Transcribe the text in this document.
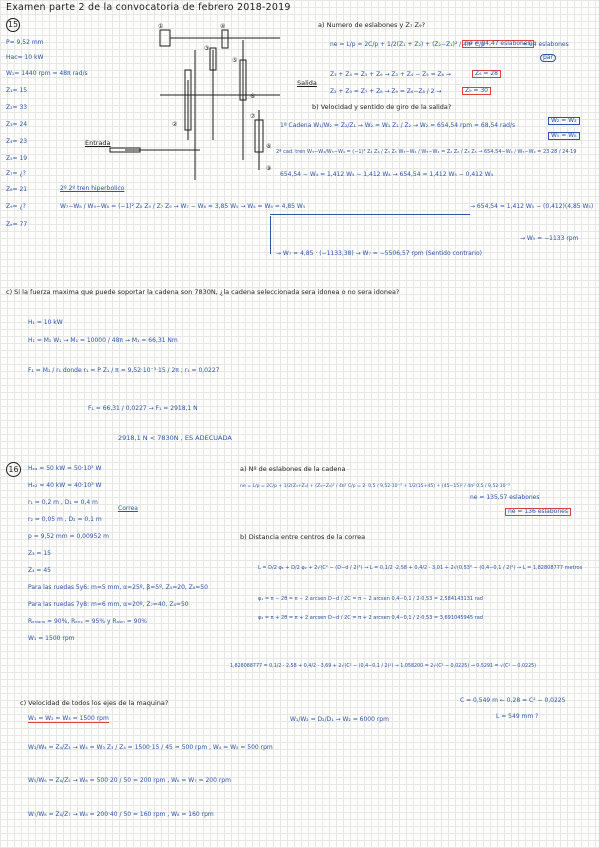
Examen parte 2 de la convocatoria de febrero 2018-2019
15
P= 9,52 mm
Hac= 10 kW
W₁= 1440 rpm = 48π rad/s
Z₁= 15
Z₂= 33
Z₃= 24
Z₄= 23
Z₅= 19
Z₇= ¿?
Z₈= 21
Z₉= ¿?
Zₑ= 77
①
②
③
④
⑤
⑥
⑦
⑧
⑨
Salida
Entrada
a) Numero de eslabones y Z₇ Z₉?
ne = L/p = 2C/p + 1/2(Z₁ + Z₂) + (Z₂−Z₁)² / 4π² C/p
ne = 94,47 eslabones
≈ 94 eslabones
par
Z₃ + Z₄ = Z₅ + Z₆ → Z₃ + Z₄ − Z₅ = Z₆ →	Z₆ = 28
Z₂ + Z₉ = Z₇ + Z₈ → Z₉ = Z₆−Z₈ / 2 →	Z₉ = 30
b) Velocidad y sentido de giro de la salida?
1ª Cadena W₁/W₂ = Z₂/Z₁ → W₂ = W₁ Z₁ / Z₂ → W₂ = 654,54 rpm = 68,54 rad/s
2ª cad. tren W₃−W₄/W₅−W₄ = (−1)³ Z₄ Z₆ / Z₃ Z₅ W₃−W₄ / W₅−W₄ = Z₄ Z₆ / Z₃ Z₅ → 654,54−W₄ / W₅−W₄ = 23·28 / 24·19
654,54 − W₄ = 1,412 W₅ − 1,412 W₄ → 654,54 = 1,412 W₅ − 0,412 W₄
2º 2º tren hiperbolico
W₇−W₈ / W₉−W₈ = (−1)² Z₈ Z₉ / Z₇ Z₉ → W₇ − W₈ = 3,85 W₅ → W₄ = W₈ = 4,85 W₅	→ 654,54 = 1,412 W₅ − (0,412)(4,85 W₅)
→ W₅ = −1133 rpm
→ W₇ = 4,85 · (−1133,38) → W₇ = −5506,57 rpm (Sentido contrario)
W₂ = W₃
W₅ = W₈
c) Si la fuerza maxima que puede soportar la cadena son 7830N, ¿la cadena seleccionada sera idonea o no sera idonea?
H₁ = 10 kW
H₁ = M₁ W₁ → M₁ = 10000 / 48π → M₁ = 66,31 Nm
F₁ = M₁ / r₁ donde r₁ = P Z₁ / π = 9,52·10⁻³·15 / 2π ; r₁ = 0,0227
F₁ = 66,31 / 0,0227 → F₁ = 2918,1 N
2918,1 N < 7830N , ES ADECUADA
16	Hₑₐ = 50 kW = 50·10³ W
Hₑ₂ = 40 kW = 40·10³ W
r₁ = 0,2 m , D₁ = 0,4 m
r₂ = 0,05 m , D₂ = 0,1 m
p = 9,52 mm = 0,00952 m
Z₃ = 15
Z₄ = 45
Para las ruedas 5y6: m=5 mm, α=25º, β=5º, Z₅=20, Z₆=50
Para las ruedas 7y8: m=6 mm, α=20º, Z₇=40, Z₈=50
Rₑₙₗₐₙₐ = 90%, Rₑₙₓ = 95% y Rₐₗₒₙ = 90%
W₁ = 1500 rpm
Correa
a) Nº de eslabones de la cadena
ne = L/p = 2C/p + 1/2(Z₃+Z₄) + (Z₄−Z₃)² / 4π² C/p = 2· 0,5 / 9,52·10⁻³ + 1/2(15+45) + (45−15)² / 4π² 0,5 / 9,52·10⁻³
ne = 135,57 eslabones
ne = 136 eslabones
b) Distancia entre centros de la correa
L = D/2 φ₁ + D/2 φ₂ + 2√(C² − (D−d / 2)²) → L = 0,1/2 ·2,58 + 0,4/2 · 3,01 + 2√(0,53² − (0,4−0,1 / 2)²) → L = 1,82808777 metros
φ₁ = π − 2θ = π − 2 arcsen D−d / 2C = π − 2 arcsen 0,4−0,1 / 2·0,53 = 2,584143131 rad
φ₂ = π + 2θ = π + 2 arcsen D−d / 2C = π + 2 arcsen 0,4−0,1 / 2·0,53 = 3,691045945 rad
1,828088777 = 0,1/2 · 2,58 + 0,4/2 · 3,69 + 2√(C² − (0,4−0,1 / 2)²) → 1,058200 = 2√(C² − 0,0225) → 0,5291 = √(C² − 0,0225)
C = 0,549 m ← 0,28 = C² − 0,0225
L = 549 mm ?
c) Velocidad de todos los ejes de la maquina?
W₁ = W₂ = W₃ = 1500 rpm
W₃/W₄ = Z₄/Z₃ → W₄ = W₃ Z₃ / Z₄ = 1500·15 / 45 = 500 rpm , W₄ = W₅ = 500 rpm
W₅/W₆ = Z₆/Z₅ → W₆ = 500·20 / 50 = 200 rpm , W₆ = W₇ = 200 rpm
W₇/W₈ = Z₈/Z₇ → W₈ = 200·40 / 50 = 160 rpm , W₈ = 160 rpm
W₁/W₂ = D₂/D₁ → W₂ = 6000 rpm
